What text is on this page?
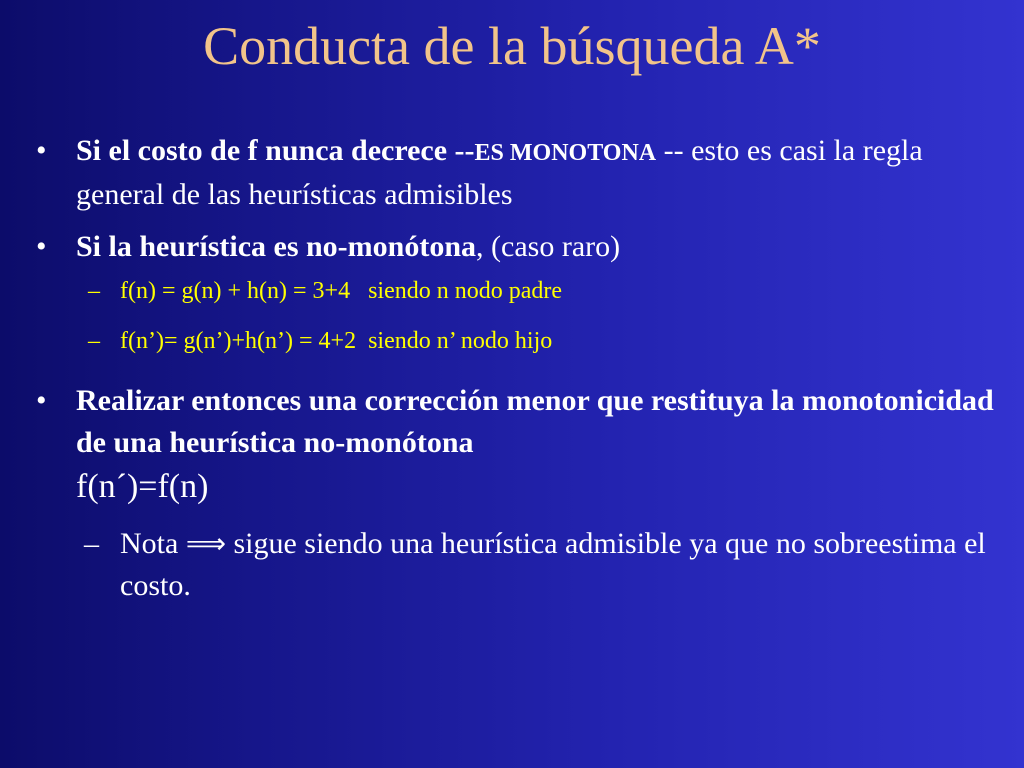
Conducta de la búsqueda A*
• Si el costo de f nunca decrece --ES MONOTONA -- esto es casi la regla general de las heurísticas admisibles
• Si la heurística es no-monótona, (caso raro)
– f(n) = g(n) + h(n) = 3+4 siendo n nodo padre
– f(n’)= g(n’)+h(n’) = 4+2 siendo n’ nodo hijo
• Realizar entonces una corrección menor que restituya la monotonicidad de una heurística no-monótona
f(n´)=f(n)
– Nota ⟹ sigue siendo una heurística admisible ya que no sobreestima el costo.
